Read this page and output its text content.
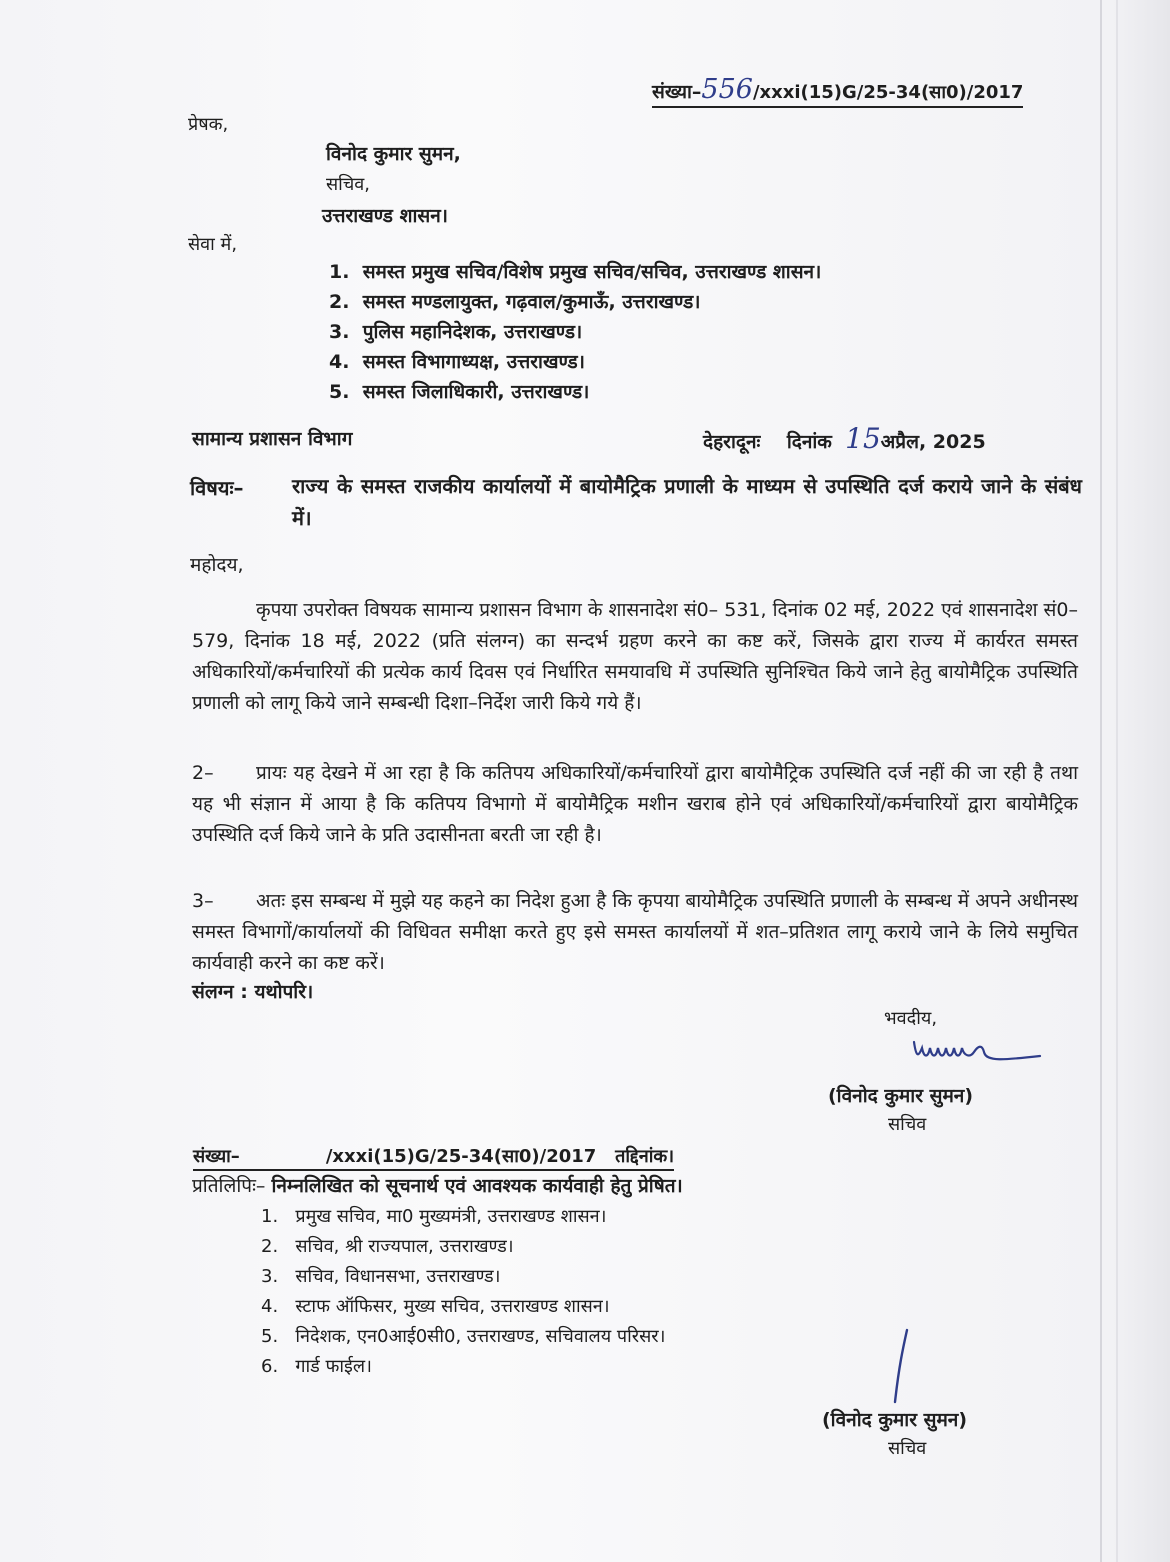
संख्या–556/xxxi(15)G/25-34(सा0)/2017
प्रेषक,
विनोद कुमार सुमन,
सचिव,
उत्तराखण्ड शासन।
सेवा में,
1. समस्त प्रमुख सचिव/विशेष प्रमुख सचिव/सचिव, उत्तराखण्ड शासन।
2. समस्त मण्डलायुक्त, गढ़वाल/कुमाऊँ, उत्तराखण्ड।
3. पुलिस महानिदेशक, उत्तराखण्ड।
4. समस्त विभागाध्यक्ष, उत्तराखण्ड।
5. समस्त जिलाधिकारी, उत्तराखण्ड।
सामान्य प्रशासन विभाग	देहरादूनः दिनांक 15अप्रैल, 2025
विषयः– राज्य के समस्त राजकीय कार्यालयों में बायोमैट्रिक प्रणाली के माध्यम से उपस्थिति दर्ज कराये जाने के संबंध में।
महोदय,
कृपया उपरोक्त विषयक सामान्य प्रशासन विभाग के शासनादेश सं0– 531, दिनांक 02 मई, 2022 एवं शासनादेश सं0– 579, दिनांक 18 मई, 2022 (प्रति संलग्न) का सन्दर्भ ग्रहण करने का कष्ट करें, जिसके द्वारा राज्य में कार्यरत समस्त अधिकारियों/कर्मचारियों की प्रत्येक कार्य दिवस एवं निर्धारित समयावधि में उपस्थिति सुनिश्चित किये जाने हेतु बायोमैट्रिक उपस्थिति प्रणाली को लागू किये जाने सम्बन्धी दिशा–निर्देश जारी किये गये हैं।
2– प्रायः यह देखने में आ रहा है कि कतिपय अधिकारियों/कर्मचारियों द्वारा बायोमैट्रिक उपस्थिति दर्ज नहीं की जा रही है तथा यह भी संज्ञान में आया है कि कतिपय विभागो में बायोमैट्रिक मशीन खराब होने एवं अधिकारियों/कर्मचारियों द्वारा बायोमैट्रिक उपस्थिति दर्ज किये जाने के प्रति उदासीनता बरती जा रही है।
3– अतः इस सम्बन्ध में मुझे यह कहने का निदेश हुआ है कि कृपया बायोमैट्रिक उपस्थिति प्रणाली के सम्बन्ध में अपने अधीनस्थ समस्त विभागों/कार्यालयों की विधिवत समीक्षा करते हुए इसे समस्त कार्यालयों में शत–प्रतिशत लागू कराये जाने के लिये समुचित कार्यवाही करने का कष्ट करें।
संलग्न : यथोपरि।
भवदीय,
(विनोद कुमार सुमन)
सचिव
संख्या–	/xxxi(15)G/25-34(सा0)/2017 तद्दिनांक।
प्रतिलिपिः– निम्नलिखित को सूचनार्थ एवं आवश्यक कार्यवाही हेतु प्रेषित।
1. प्रमुख सचिव, मा0 मुख्यमंत्री, उत्तराखण्ड शासन।
2. सचिव, श्री राज्यपाल, उत्तराखण्ड।
3. सचिव, विधानसभा, उत्तराखण्ड।
4. स्टाफ ऑफिसर, मुख्य सचिव, उत्तराखण्ड शासन।
5. निदेशक, एन0आई0सी0, उत्तराखण्ड, सचिवालय परिसर।
6. गार्ड फाईल।
(विनोद कुमार सुमन)
सचिव
